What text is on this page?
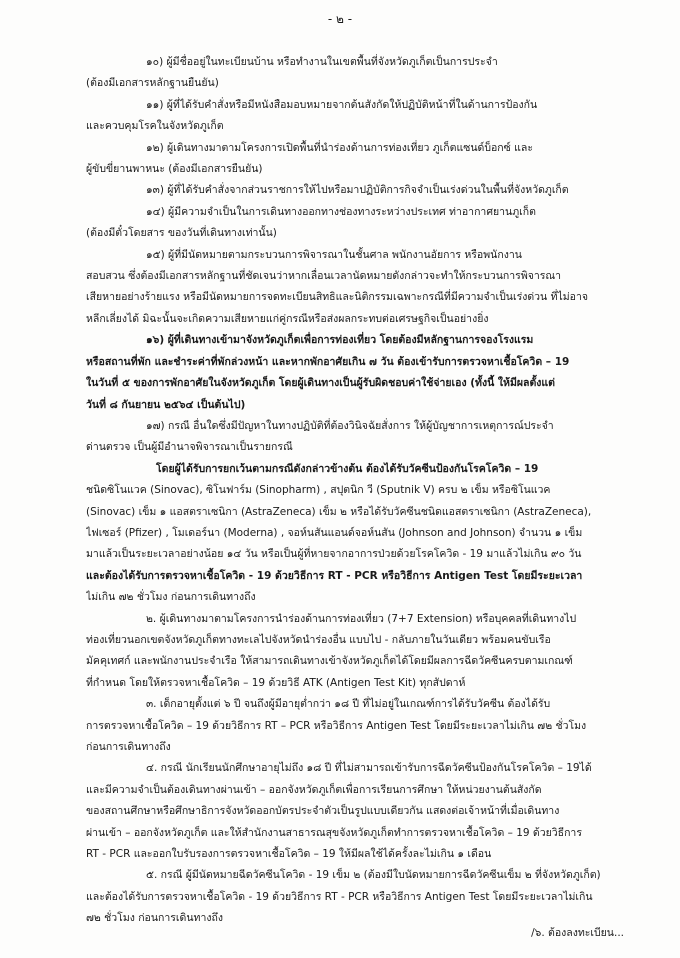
- ๒ -
๑๐) ผู้มีชื่ออยู่ในทะเบียนบ้าน หรือทำงานในเขตพื้นที่จังหวัดภูเก็ตเป็นการประจำ
(ต้องมีเอกสารหลักฐานยืนยัน)
๑๑) ผู้ที่ได้รับคำสั่งหรือมีหนังสือมอบหมายจากต้นสังกัดให้ปฏิบัติหน้าที่ในด้านการป้องกัน
และควบคุมโรคในจังหวัดภูเก็ต
๑๒) ผู้เดินทางมาตามโครงการเปิดพื้นที่นำร่องด้านการท่องเที่ยว ภูเก็ตแซนด์บ็อกซ์ และ
ผู้ขับขี่ยานพาหนะ (ต้องมีเอกสารยืนยัน)
๑๓) ผู้ที่ได้รับคำสั่งจากส่วนราชการให้ไปหรือมาปฏิบัติการกิจจำเป็นเร่งด่วนในพื้นที่จังหวัดภูเก็ต
๑๔) ผู้มีความจำเป็นในการเดินทางออกทางช่องทางระหว่างประเทศ ท่าอากาศยานภูเก็ต
(ต้องมีตั๋วโดยสาร ของวันที่เดินทางเท่านั้น)
๑๕) ผู้ที่มีนัดหมายตามกระบวนการพิจารณาในชั้นศาล พนักงานอัยการ หรือพนักงาน
สอบสวน ซึ่งต้องมีเอกสารหลักฐานที่ชัดเจนว่าหากเลื่อนเวลานัดหมายดังกล่าวจะทำให้กระบวนการพิจารณา
เสียหายอย่างร้ายแรง หรือมีนัดหมายการจดทะเบียนสิทธิและนิติกรรมเฉพาะกรณีที่มีความจำเป็นเร่งด่วน ที่ไม่อาจ
หลีกเลี่ยงได้ มิฉะนั้นจะเกิดความเสียหายแก่คู่กรณีหรือส่งผลกระทบต่อเศรษฐกิจเป็นอย่างยิ่ง
๑๖) ผู้ที่เดินทางเข้ามาจังหวัดภูเก็ตเพื่อการท่องเที่ยว โดยต้องมีหลักฐานการจองโรงแรม
หรือสถานที่พัก และชำระค่าที่พักล่วงหน้า และหากพักอาศัยเกิน ๗ วัน ต้องเข้ารับการตรวจหาเชื้อโควิด – 19
ในวันที่ ๕ ของการพักอาศัยในจังหวัดภูเก็ต โดยผู้เดินทางเป็นผู้รับผิดชอบค่าใช้จ่ายเอง (ทั้งนี้ ให้มีผลตั้งแต่
วันที่ ๘ กันยายน ๒๕๖๔ เป็นต้นไป)
๑๗) กรณี อื่นใดซึ่งมีปัญหาในทางปฏิบัติที่ต้องวินิจฉัยสั่งการ ให้ผู้บัญชาการเหตุการณ์ประจำ
ด่านตรวจ เป็นผู้มีอำนาจพิจารณาเป็นรายกรณี
โดยผู้ได้รับการยกเว้นตามกรณีดังกล่าวข้างต้น ต้องได้รับวัคซีนป้องกันโรคโควิด – 19
ชนิดซิโนแวค (Sinovac), ซิโนฟาร์ม (Sinopharm) , สปุตนิก วี (Sputnik V) ครบ ๒ เข็ม หรือซิโนแวค
(Sinovac) เข็ม ๑ แอสตราเซนิกา (AstraZeneca) เข็ม ๒ หรือได้รับวัคซีนชนิดแอสตราเซนิกา (AstraZeneca),
ไฟเซอร์ (Pfizer) , โมเดอร์นา (Moderna) , จอห์นสันแอนด์จอห์นสัน (Johnson and Johnson) จำนวน ๑ เข็ม
มาแล้วเป็นระยะเวลาอย่างน้อย ๑๔ วัน หรือเป็นผู้ที่หายจากอาการป่วยด้วยโรคโควิด - 19 มาแล้วไม่เกิน ๙๐ วัน
และต้องได้รับการตรวจหาเชื้อโควิด - 19 ด้วยวิธีการ RT - PCR หรือวิธีการ Antigen Test โดยมีระยะเวลา
ไม่เกิน ๗๒ ชั่วโมง ก่อนการเดินทางถึง
๒. ผู้เดินทางมาตามโครงการนำร่องด้านการท่องเที่ยว (7+7 Extension) หรือบุคคลที่เดินทางไป
ท่องเที่ยวนอกเขตจังหวัดภูเก็ตทางทะเลไปจังหวัดนำร่องอื่น แบบไป - กลับภายในวันเดียว พร้อมคนขับเรือ
มัคคุเทศก์ และพนักงานประจำเรือ ให้สามารถเดินทางเข้าจังหวัดภูเก็ตได้โดยมีผลการฉีดวัคซีนครบตามเกณฑ์
ที่กำหนด โดยให้ตรวจหาเชื้อโควิด – 19 ด้วยวิธี ATK (Antigen Test Kit) ทุกสัปดาห์
๓. เด็กอายุตั้งแต่ ๖ ปี จนถึงผู้มีอายุต่ำกว่า ๑๘ ปี ที่ไม่อยู่ในเกณฑ์การได้รับวัคซีน ต้องได้รับ
การตรวจหาเชื้อโควิด – 19 ด้วยวิธีการ RT – PCR หรือวิธีการ Antigen Test โดยมีระยะเวลาไม่เกิน ๗๒ ชั่วโมง
ก่อนการเดินทางถึง
๔. กรณี นักเรียนนักศึกษาอายุไม่ถึง ๑๘ ปี ที่ไม่สามารถเข้ารับการฉีดวัคซีนป้องกันโรคโควิด – 19ได้
และมีความจำเป็นต้องเดินทางผ่านเข้า – ออกจังหวัดภูเก็ตเพื่อการเรียนการศึกษา ให้หน่วยงานต้นสังกัด
ของสถานศึกษาหรือศึกษาธิการจังหวัดออกบัตรประจำตัวเป็นรูปแบบเดียวกัน แสดงต่อเจ้าหน้าที่เมื่อเดินทาง
ผ่านเข้า – ออกจังหวัดภูเก็ต และให้สำนักงานสาธารณสุขจังหวัดภูเก็ตทำการตรวจหาเชื้อโควิด – 19 ด้วยวิธีการ
RT - PCR และออกใบรับรองการตรวจหาเชื้อโควิด – 19 ให้มีผลใช้ได้ครั้งละไม่เกิน ๑ เดือน
๕. กรณี ผู้มีนัดหมายฉีดวัคซีนโควิด - 19 เข็ม ๒ (ต้องมีใบนัดหมายการฉีดวัคซีนเข็ม ๒ ที่จังหวัดภูเก็ต)
และต้องได้รับการตรวจหาเชื้อโควิด - 19 ด้วยวิธีการ RT - PCR หรือวิธีการ Antigen Test โดยมีระยะเวลาไม่เกิน
๗๒ ชั่วโมง ก่อนการเดินทางถึง
/๖. ต้องลงทะเบียน...
